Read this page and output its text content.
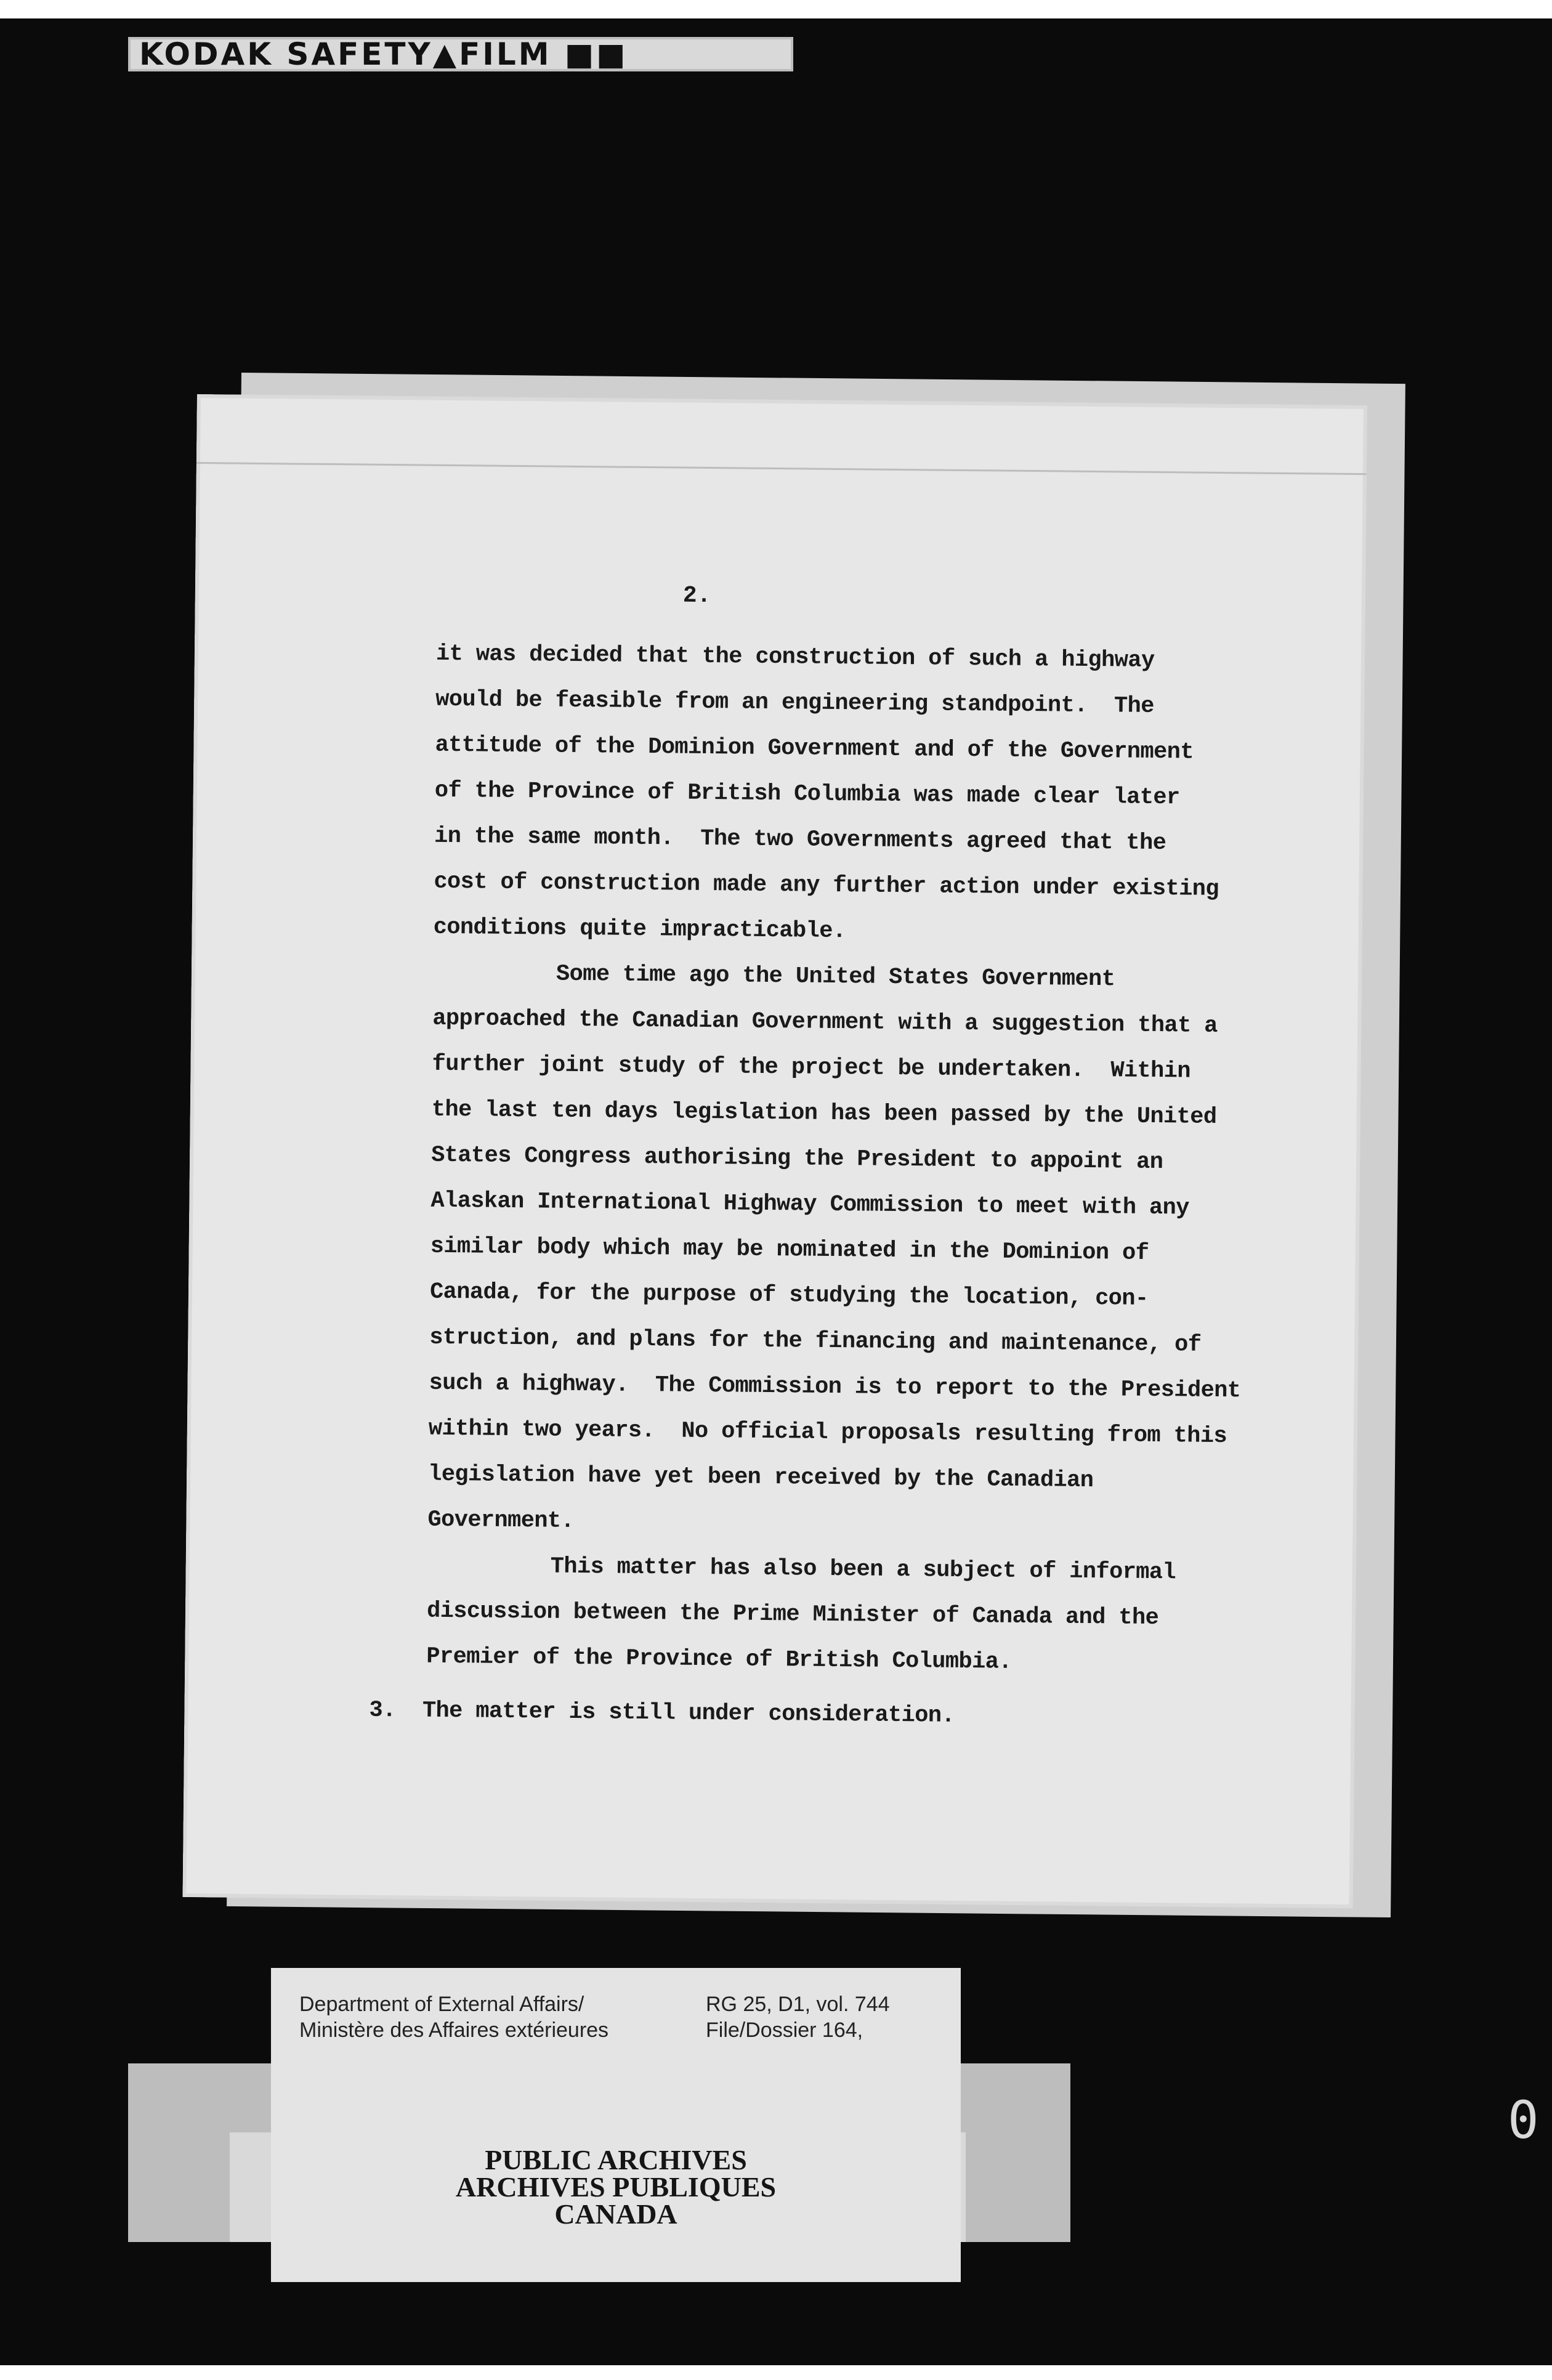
KODAK SAFETY▲FILM ■■
2.
it was decided that the construction of such a highway
would be feasible from an engineering standpoint.  The
attitude of the Dominion Government and of the Government
of the Province of British Columbia was made clear later
in the same month.  The two Governments agreed that the
cost of construction made any further action under existing
conditions quite impracticable.
Some time ago the United States Government
approached the Canadian Government with a suggestion that a
further joint study of the project be undertaken.  Within
the last ten days legislation has been passed by the United
States Congress authorising the President to appoint an
Alaskan International Highway Commission to meet with any
similar body which may be nominated in the Dominion of
Canada, for the purpose of studying the location, con-
struction, and plans for the financing and maintenance, of
such a highway.  The Commission is to report to the President
within two years.  No official proposals resulting from this
legislation have yet been received by the Canadian
Government.
This matter has also been a subject of informal
discussion between the Prime Minister of Canada and the
Premier of the Province of British Columbia.
3.  The matter is still under consideration.
Department of External Affairs/
Ministère des Affaires extérieures
RG 25, D1, vol. 744
File/Dossier 164,
PUBLIC ARCHIVES
ARCHIVES PUBLIQUES
CANADA
0
